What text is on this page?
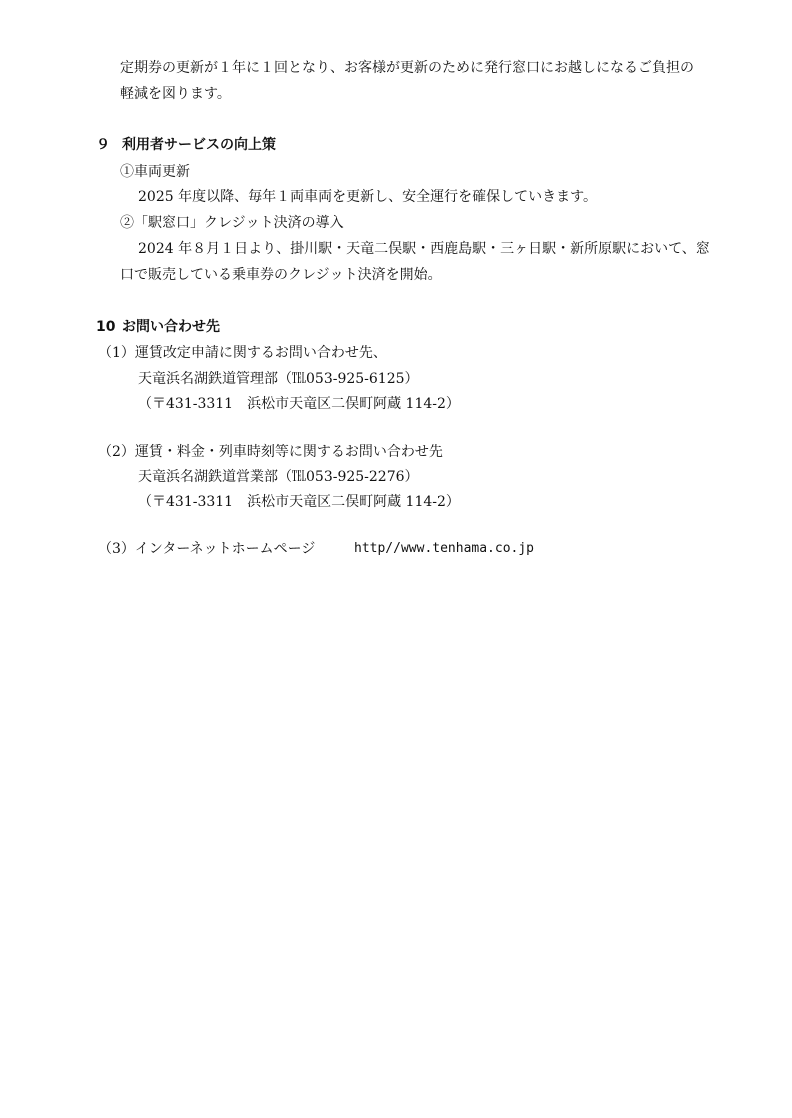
定期券の更新が１年に１回となり、お客様が更新のために発行窓口にお越しになるご負担の
軽減を図ります。
９ 利用者サービスの向上策
①車両更新
2025 年度以降、毎年１両車両を更新し、安全運行を確保していきます。
②「駅窓口」クレジット決済の導入
2024 年８月１日より、掛川駅・天竜二俣駅・西鹿島駅・三ヶ日駅・新所原駅において、窓
口で販売している乗車券のクレジット決済を開始。
10 お問い合わせ先
（1）運賃改定申請に関するお問い合わせ先、
天竜浜名湖鉄道管理部（℡053-925-6125）
（〒431-3311　浜松市天竜区二俣町阿蔵 114-2）
（2）運賃・料金・列車時刻等に関するお問い合わせ先
天竜浜名湖鉄道営業部（℡053-925-2276）
（〒431-3311　浜松市天竜区二俣町阿蔵 114-2）
（3）インターネットホームページ	http//www.tenhama.co.jp
